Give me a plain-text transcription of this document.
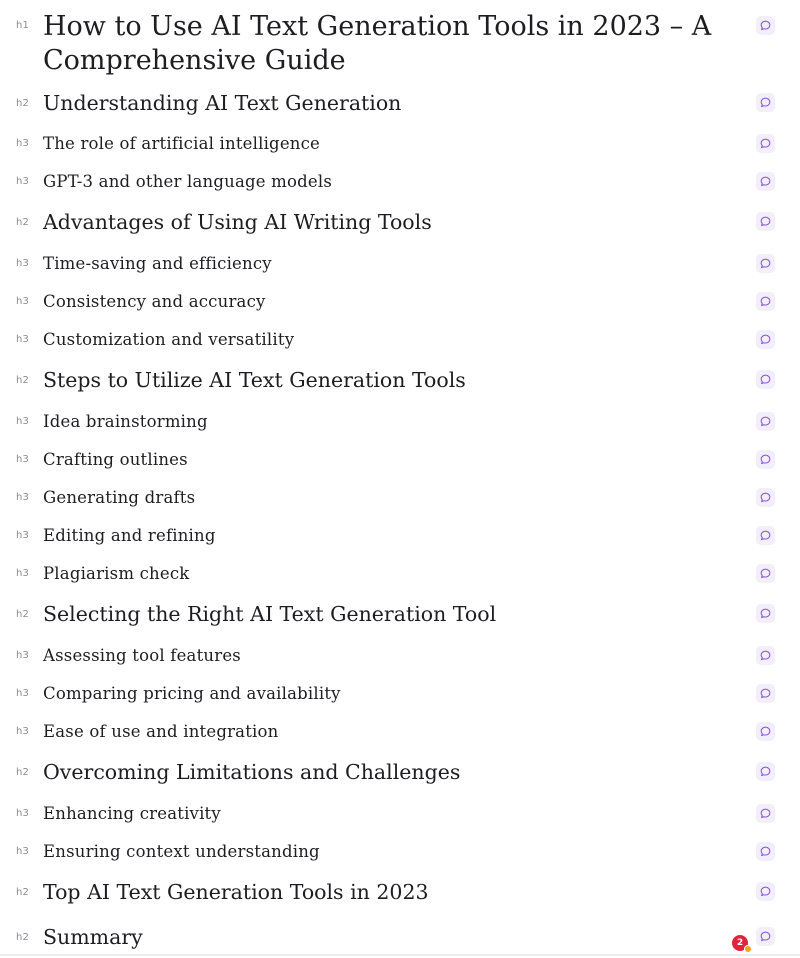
h1 How to Use AI Text Generation Tools in 2023 – A Comprehensive Guide
h2 Understanding AI Text Generation
h3 The role of artificial intelligence
h3 GPT-3 and other language models
h2 Advantages of Using AI Writing Tools
h3 Time-saving and efficiency
h3 Consistency and accuracy
h3 Customization and versatility
h2 Steps to Utilize AI Text Generation Tools
h3 Idea brainstorming
h3 Crafting outlines
h3 Generating drafts
h3 Editing and refining
h3 Plagiarism check
h2 Selecting the Right AI Text Generation Tool
h3 Assessing tool features
h3 Comparing pricing and availability
h3 Ease of use and integration
h2 Overcoming Limitations and Challenges
h3 Enhancing creativity
h3 Ensuring context understanding
h2 Top AI Text Generation Tools in 2023
h2 Summary	2
